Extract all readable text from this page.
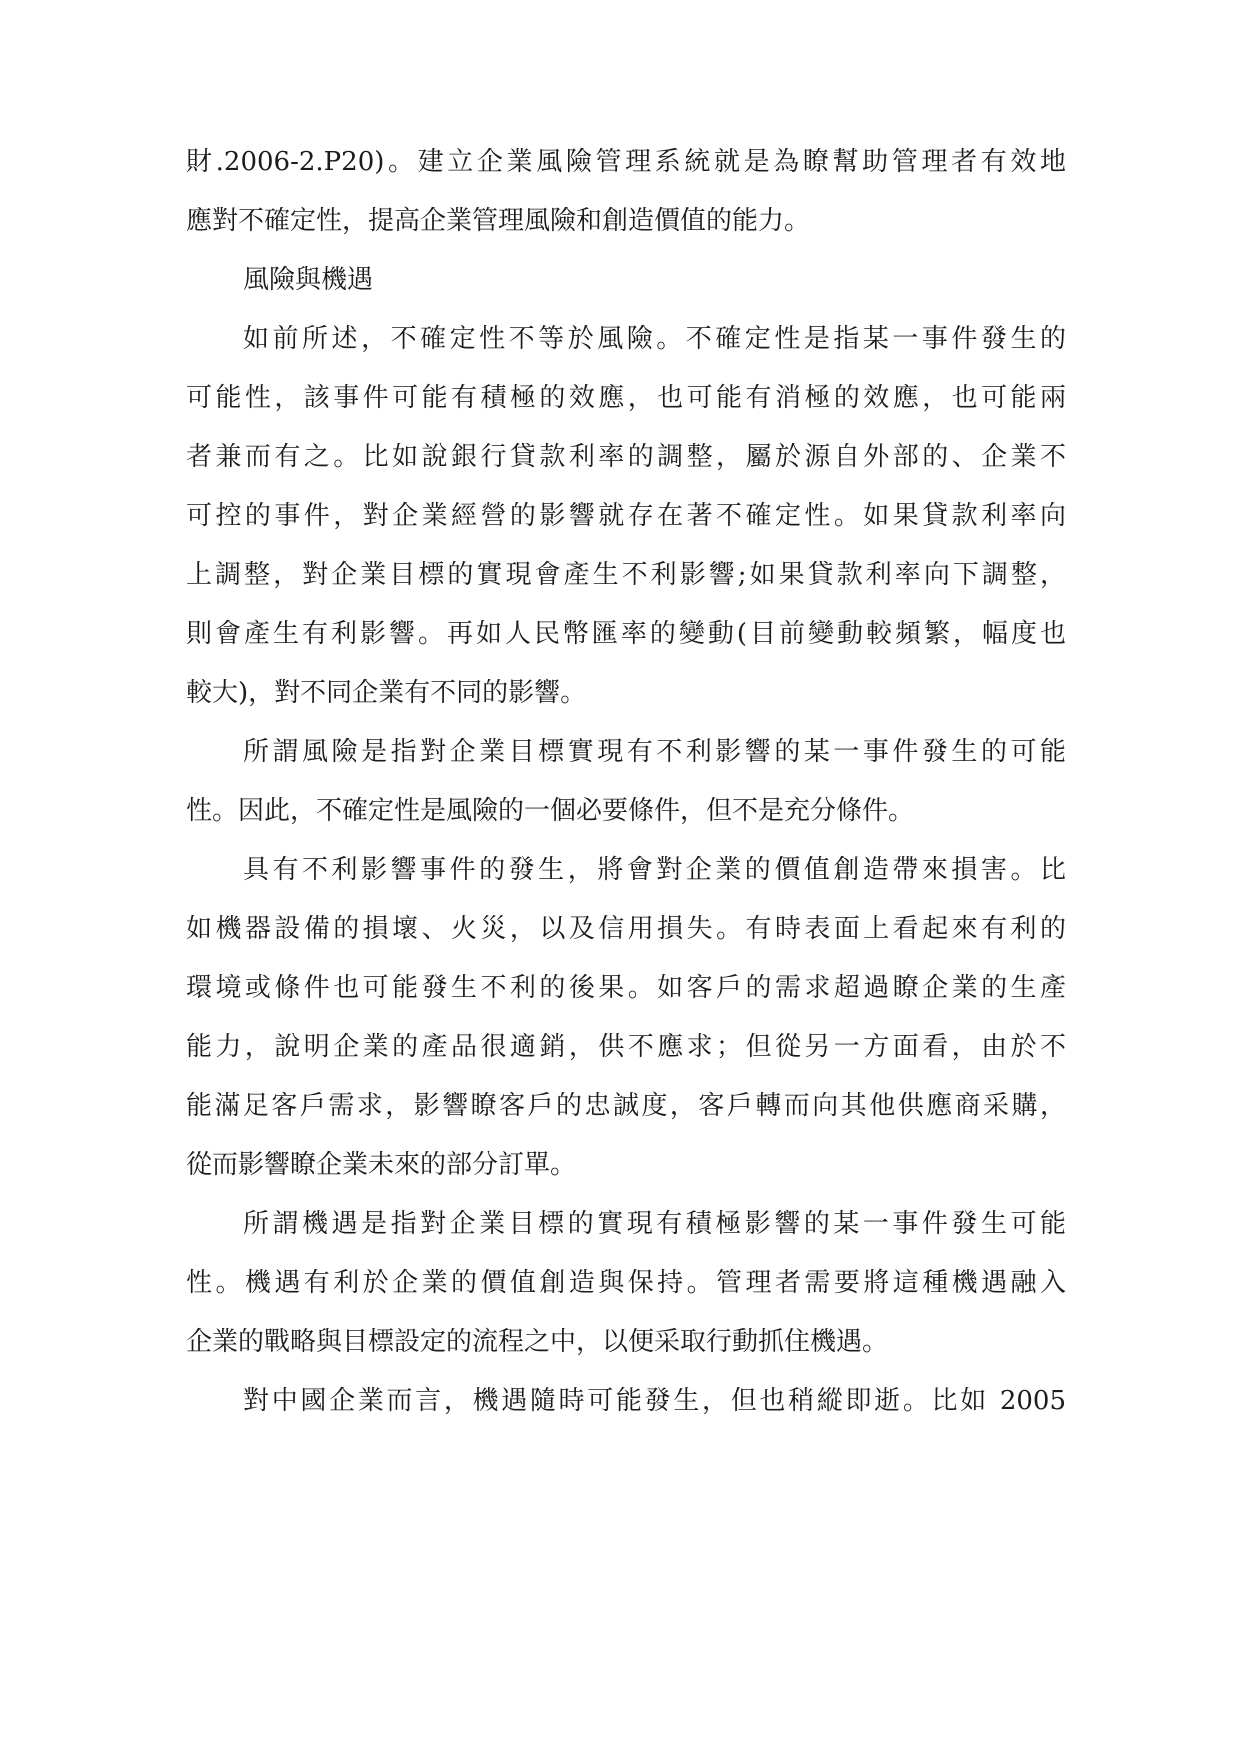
財.2006-2.P20)。建立企業風險管理系統就是為瞭幫助管理者有效地
應對不確定性，提高企業管理風險和創造價值的能力。
風險與機遇
如前所述，不確定性不等於風險。不確定性是指某一事件發生的
可能性，該事件可能有積極的效應，也可能有消極的效應，也可能兩
者兼而有之。比如說銀行貸款利率的調整，屬於源自外部的、企業不
可控的事件，對企業經營的影響就存在著不確定性。如果貸款利率向
上調整，對企業目標的實現會產生不利影響;如果貸款利率向下調整，
則會產生有利影響。再如人民幣匯率的變動(目前變動較頻繁，幅度也
較大)，對不同企業有不同的影響。
所謂風險是指對企業目標實現有不利影響的某一事件發生的可能
性。因此，不確定性是風險的一個必要條件，但不是充分條件。
具有不利影響事件的發生，將會對企業的價值創造帶來損害。比
如機器設備的損壞、火災，以及信用損失。有時表面上看起來有利的
環境或條件也可能發生不利的後果。如客戶的需求超過瞭企業的生產
能力，說明企業的產品很適銷，供不應求；但從另一方面看，由於不
能滿足客戶需求，影響瞭客戶的忠誠度，客戶轉而向其他供應商采購，
從而影響瞭企業未來的部分訂單。
所謂機遇是指對企業目標的實現有積極影響的某一事件發生可能
性。機遇有利於企業的價值創造與保持。管理者需要將這種機遇融入
企業的戰略與目標設定的流程之中，以便采取行動抓住機遇。
對中國企業而言，機遇隨時可能發生，但也稍縱即逝。比如 2005
